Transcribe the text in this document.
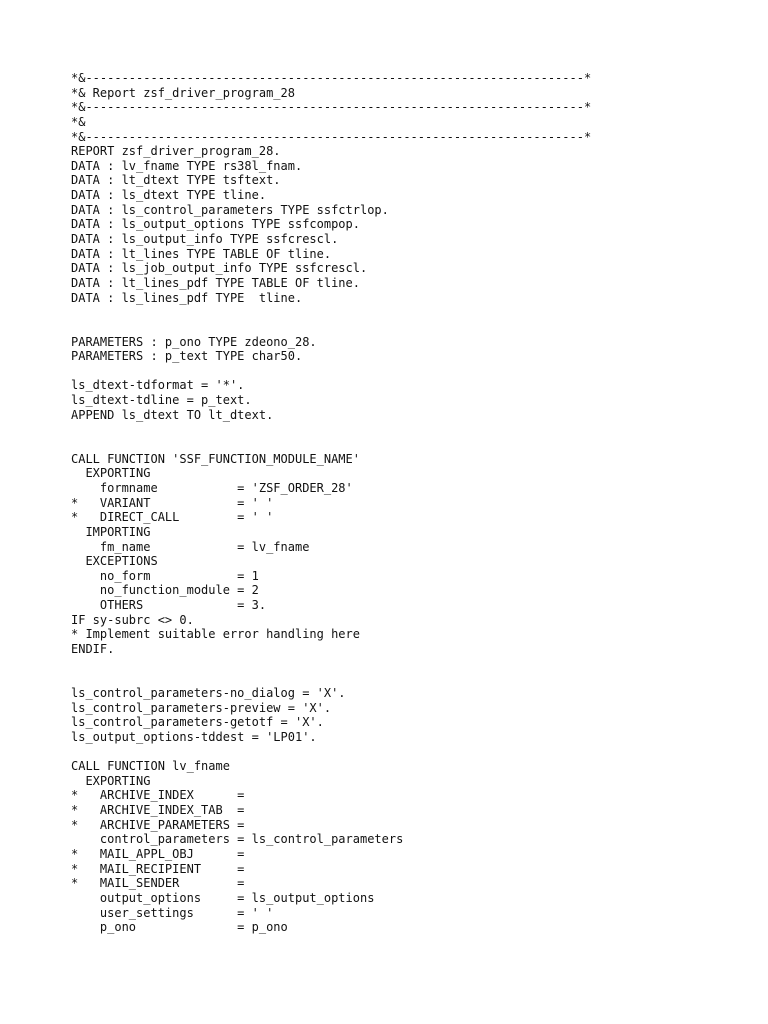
*&---------------------------------------------------------------------*
*& Report zsf_driver_program_28
*&---------------------------------------------------------------------*
*&
*&---------------------------------------------------------------------*
REPORT zsf_driver_program_28.
DATA : lv_fname TYPE rs38l_fnam.
DATA : lt_dtext TYPE tsftext.
DATA : ls_dtext TYPE tline.
DATA : ls_control_parameters TYPE ssfctrlop.
DATA : ls_output_options TYPE ssfcompop.
DATA : ls_output_info TYPE ssfcrescl.
DATA : lt_lines TYPE TABLE OF tline.
DATA : ls_job_output_info TYPE ssfcrescl.
DATA : lt_lines_pdf TYPE TABLE OF tline.
DATA : ls_lines_pdf TYPE  tline.
PARAMETERS : p_ono TYPE zdeono_28.
PARAMETERS : p_text TYPE char50.
ls_dtext-tdformat = '*'.
ls_dtext-tdline = p_text.
APPEND ls_dtext TO lt_dtext.
CALL FUNCTION 'SSF_FUNCTION_MODULE_NAME'
EXPORTING
formname           = 'ZSF_ORDER_28'
*   VARIANT            = ' '
*   DIRECT_CALL        = ' '
IMPORTING
fm_name            = lv_fname
EXCEPTIONS
no_form            = 1
no_function_module = 2
OTHERS             = 3.
IF sy-subrc <> 0.
* Implement suitable error handling here
ENDIF.
ls_control_parameters-no_dialog = 'X'.
ls_control_parameters-preview = 'X'.
ls_control_parameters-getotf = 'X'.
ls_output_options-tddest = 'LP01'.
CALL FUNCTION lv_fname
EXPORTING
*   ARCHIVE_INDEX      =
*   ARCHIVE_INDEX_TAB  =
*   ARCHIVE_PARAMETERS =
control_parameters = ls_control_parameters
*   MAIL_APPL_OBJ      =
*   MAIL_RECIPIENT     =
*   MAIL_SENDER        =
output_options     = ls_output_options
user_settings      = ' '
p_ono              = p_ono
